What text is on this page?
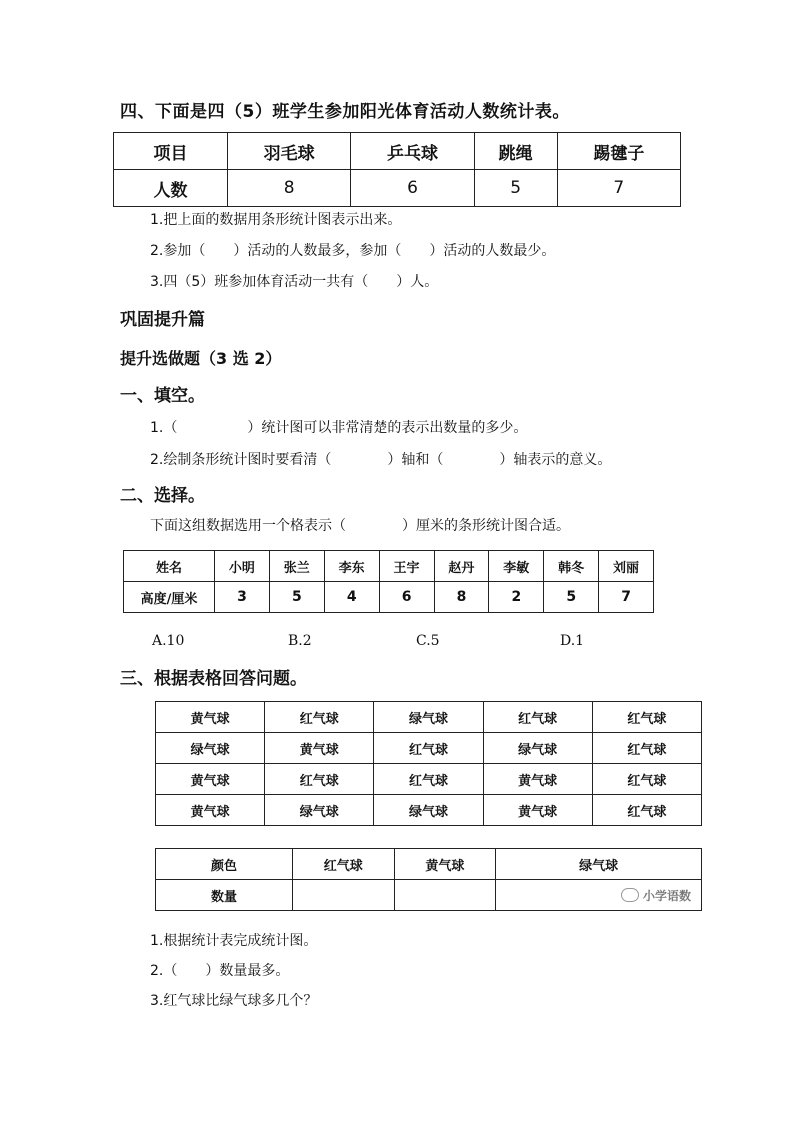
四、下面是四（5）班学生参加阳光体育活动人数统计表。
项目	羽毛球	乒乓球	跳绳	踢毽子
人数	8	6	5	7
1.把上面的数据用条形统计图表示出来。
2.参加（　　）活动的人数最多，参加（　　）活动的人数最少。
3.四（5）班参加体育活动一共有（　　）人。
巩固提升篇
提升选做题（3 选 2）
一、填空。
1.（　　　　　）统计图可以非常清楚的表示出数量的多少。
2.绘制条形统计图时要看清（　　　　）轴和（　　　　）轴表示的意义。
二、选择。
下面这组数据选用一个格表示（　　　　）厘米的条形统计图合适。
姓名	小明	张兰	李东	王宇	赵丹	李敏	韩冬	刘丽
高度/厘米	3	5	4	6	8	2	5	7
A.10	B.2	C.5	D.1
三、根据表格回答问题。
黄气球	红气球	绿气球	红气球	红气球
绿气球	黄气球	红气球	绿气球	红气球
黄气球	红气球	红气球	黄气球	红气球
黄气球	绿气球	绿气球	黄气球	红气球
颜色	红气球	黄气球	绿气球
数量			小学语数
1.根据统计表完成统计图。
2.（　　）数量最多。
3.红气球比绿气球多几个？
